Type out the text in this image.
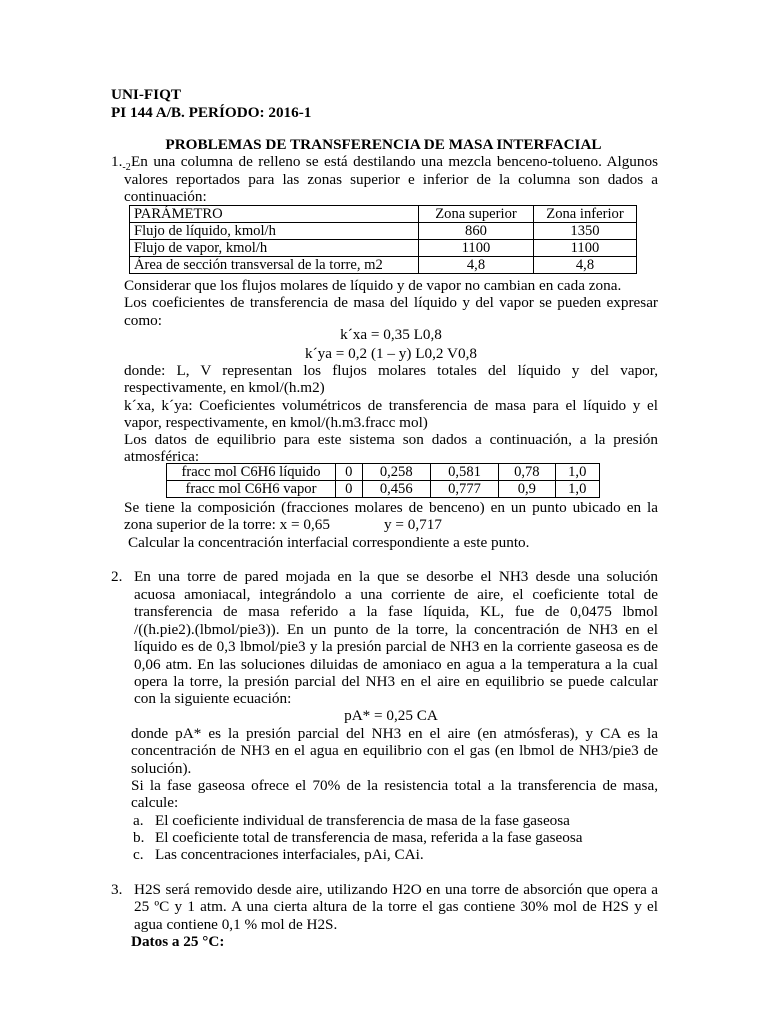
UNI-FIQT
PI 144 A/B. PERÍODO: 2016-1
PROBLEMAS DE TRANSFERENCIA DE MASA INTERFACIAL
$1._{-2}$ En una columna de relleno se está destilando una mezcla benceno-tolueno. Algunos
valores reportados para las zonas superior e inferior de la columna son dados a
continuación:
PARÁMETRO	Zona superior	Zona inferior
Flujo de líquido, kmol/h	860	1350
Flujo de vapor, kmol/h	1100	1100
Área de sección transversal de la torre, m2	4,8	4,8
Considerar que los flujos molares de líquido y de vapor no cambian en cada zona.
Los coeficientes de transferencia de masa del líquido y del vapor se pueden expresar
como:
k´xa = 0,35 L0,8
k´ya = 0,2 (1 – y) L0,2 V0,8
donde: L, V representan los flujos molares totales del líquido y del vapor,
respectivamente, en kmol/(h.m2)
k´xa, k´ya: Coeficientes volumétricos de transferencia de masa para el líquido y el
vapor, respectivamente, en kmol/(h.m3.fracc mol)
Los datos de equilibrio para este sistema son dados a continuación, a la presión
atmosférica:
fracc mol C6H6 líquido	0	0,258	0,581	0,78	1,0
fracc mol C6H6 vapor	0	0,456	0,777	0,9	1,0
Se tiene la composición (fracciones molares de benceno) en un punto ubicado en la
zona superior de la torre: x = 0,65	y = 0,717
Calcular la concentración interfacial correspondiente a este punto.
2. En una torre de pared mojada en la que se desorbe el NH3 desde una solución
acuosa amoniacal, integrándolo a una corriente de aire, el coeficiente total de
transferencia de masa referido a la fase líquida, KL, fue de 0,0475 lbmol
/((h.pie2).(lbmol/pie3)). En un punto de la torre, la concentración de NH3 en el
líquido es de 0,3 lbmol/pie3 y la presión parcial de NH3 en la corriente gaseosa es de
0,06 atm. En las soluciones diluidas de amoniaco en agua a la temperatura a la cual
opera la torre, la presión parcial del NH3 en el aire en equilibrio se puede calcular
con la siguiente ecuación:
pA* = 0,25 CA
donde pA* es la presión parcial del NH3 en el aire (en atmósferas), y CA es la
concentración de NH3 en el agua en equilibrio con el gas (en lbmol de NH3/pie3 de
solución).
Si la fase gaseosa ofrece el 70% de la resistencia total a la transferencia de masa,
calcule:
a. El coeficiente individual de transferencia de masa de la fase gaseosa
b. El coeficiente total de transferencia de masa, referida a la fase gaseosa
c. Las concentraciones interfaciales, pAi, CAi.
3. H2S será removido desde aire, utilizando H2O en una torre de absorción que opera a
25 ºC y 1 atm. A una cierta altura de la torre el gas contiene 30% mol de H2S y el
agua contiene 0,1 % mol de H2S.
Datos a 25 °C:
